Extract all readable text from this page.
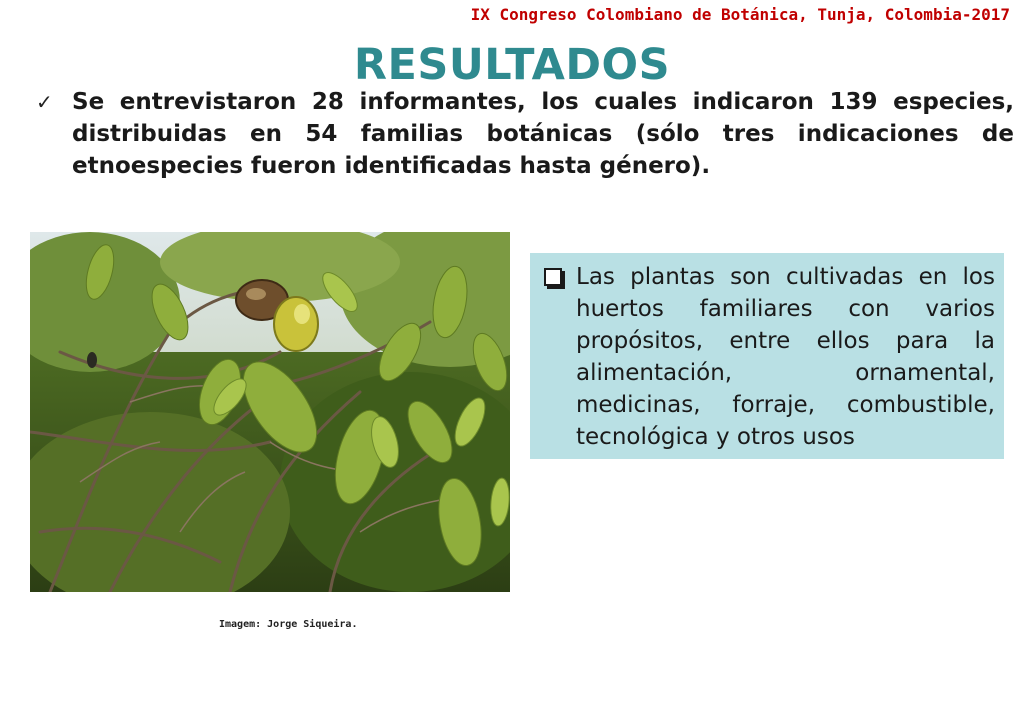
IX Congreso Colombiano de Botánica, Tunja, Colombia-2017
RESULTADOS
✓ Se entrevistaron 28 informantes, los cuales indicaron 139 especies, distribuidas en 54 familias botánicas (sólo tres indicaciones de etnoespecies fueron identificadas hasta género).
Imagem: Jorge Siqueira.
Las plantas son cultivadas en los huertos familiares con varios propósitos, entre ellos para la alimentación, ornamental, medicinas, forraje, combustible, tecnológica y otros usos
